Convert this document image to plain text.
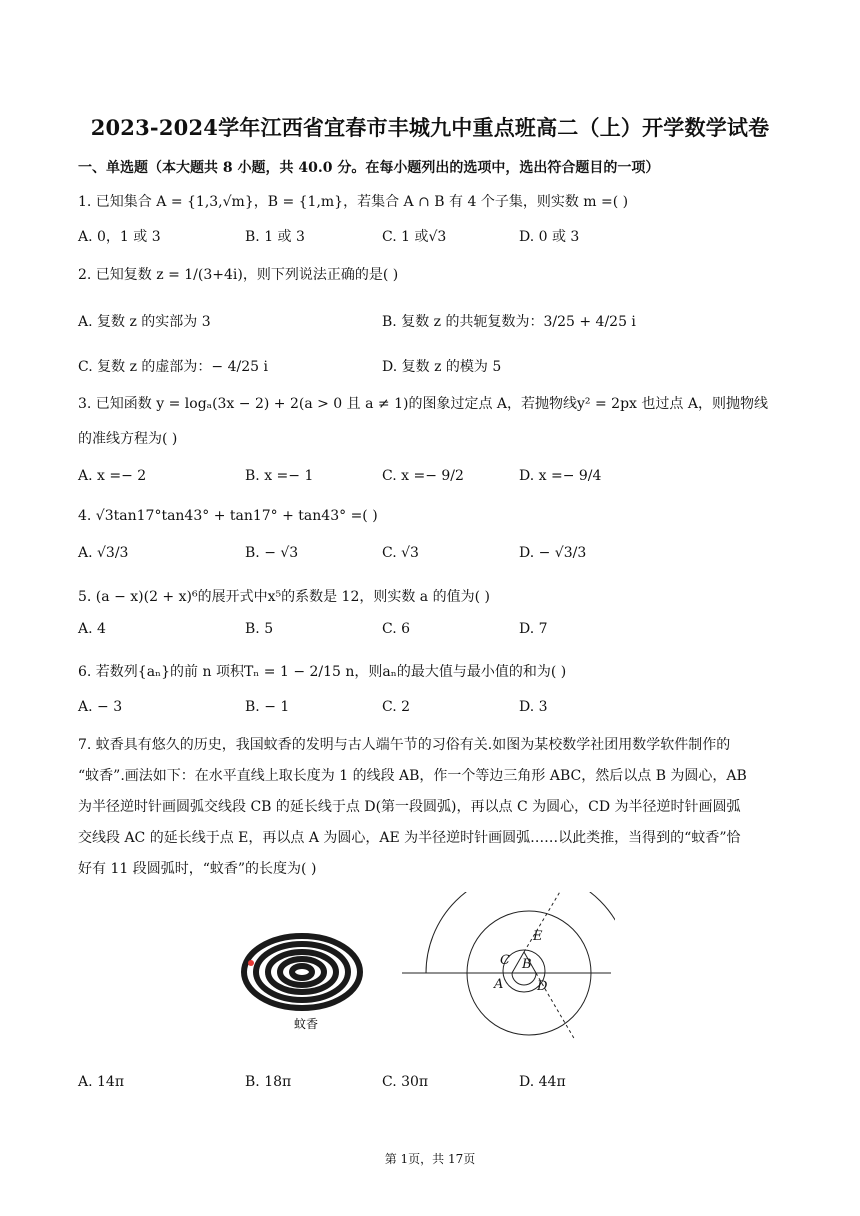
2023-2024学年江西省宜春市丰城九中重点班高二（上）开学数学试卷
一、单选题（本大题共 8 小题，共 40.0 分。在每小题列出的选项中，选出符合题目的一项）
1. 已知集合 A = {1,3,√m}，B = {1,m}，若集合 A ∩ B 有 4 个子集，则实数 m =( )
A. 0，1 或 3	B. 1 或 3	C. 1 或√3	D. 0 或 3
2. 已知复数 z = 1/(3+4i)，则下列说法正确的是( )
A. 复数 z 的实部为 3	B. 复数 z 的共轭复数为：3/25 + 4/25 i
C. 复数 z 的虚部为：− 4/25 i	D. 复数 z 的模为 5
3. 已知函数 y = logₐ(3x − 2) + 2(a > 0 且 a ≠ 1)的图象过定点 A，若抛物线y² = 2px 也过点 A，则抛物线
的准线方程为( )
A. x =− 2	B. x =− 1	C. x =− 9/2	D. x =− 9/4
4. √3tan17°tan43° + tan17° + tan43° =( )
A. √3/3	B. − √3	C. √3	D. − √3/3
5. (a − x)(2 + x)⁶的展开式中x⁵的系数是 12，则实数 a 的值为( )
A. 4	B. 5	C. 6	D. 7
6. 若数列{aₙ}的前 n 项积Tₙ = 1 − 2/15 n，则aₙ的最大值与最小值的和为( )
A. − 3	B. − 1	C. 2	D. 3
7. 蚊香具有悠久的历史，我国蚊香的发明与古人端午节的习俗有关.如图为某校数学社团用数学软件制作的
“蚊香”.画法如下：在水平直线上取长度为 1 的线段 AB，作一个等边三角形 ABC，然后以点 B 为圆心，AB
为半径逆时针画圆弧交线段 CB 的延长线于点 D(第一段圆弧)，再以点 C 为圆心，CD 为半径逆时针画圆弧
交线段 AC 的延长线于点 E，再以点 A 为圆心，AE 为半径逆时针画圆弧……以此类推，当得到的“蚊香”恰
好有 11 段圆弧时，“蚊香”的长度为( )
蚊香
E
C B
A	D
A. 14π	B. 18π	C. 30π	D. 44π
第 1页，共 17页
